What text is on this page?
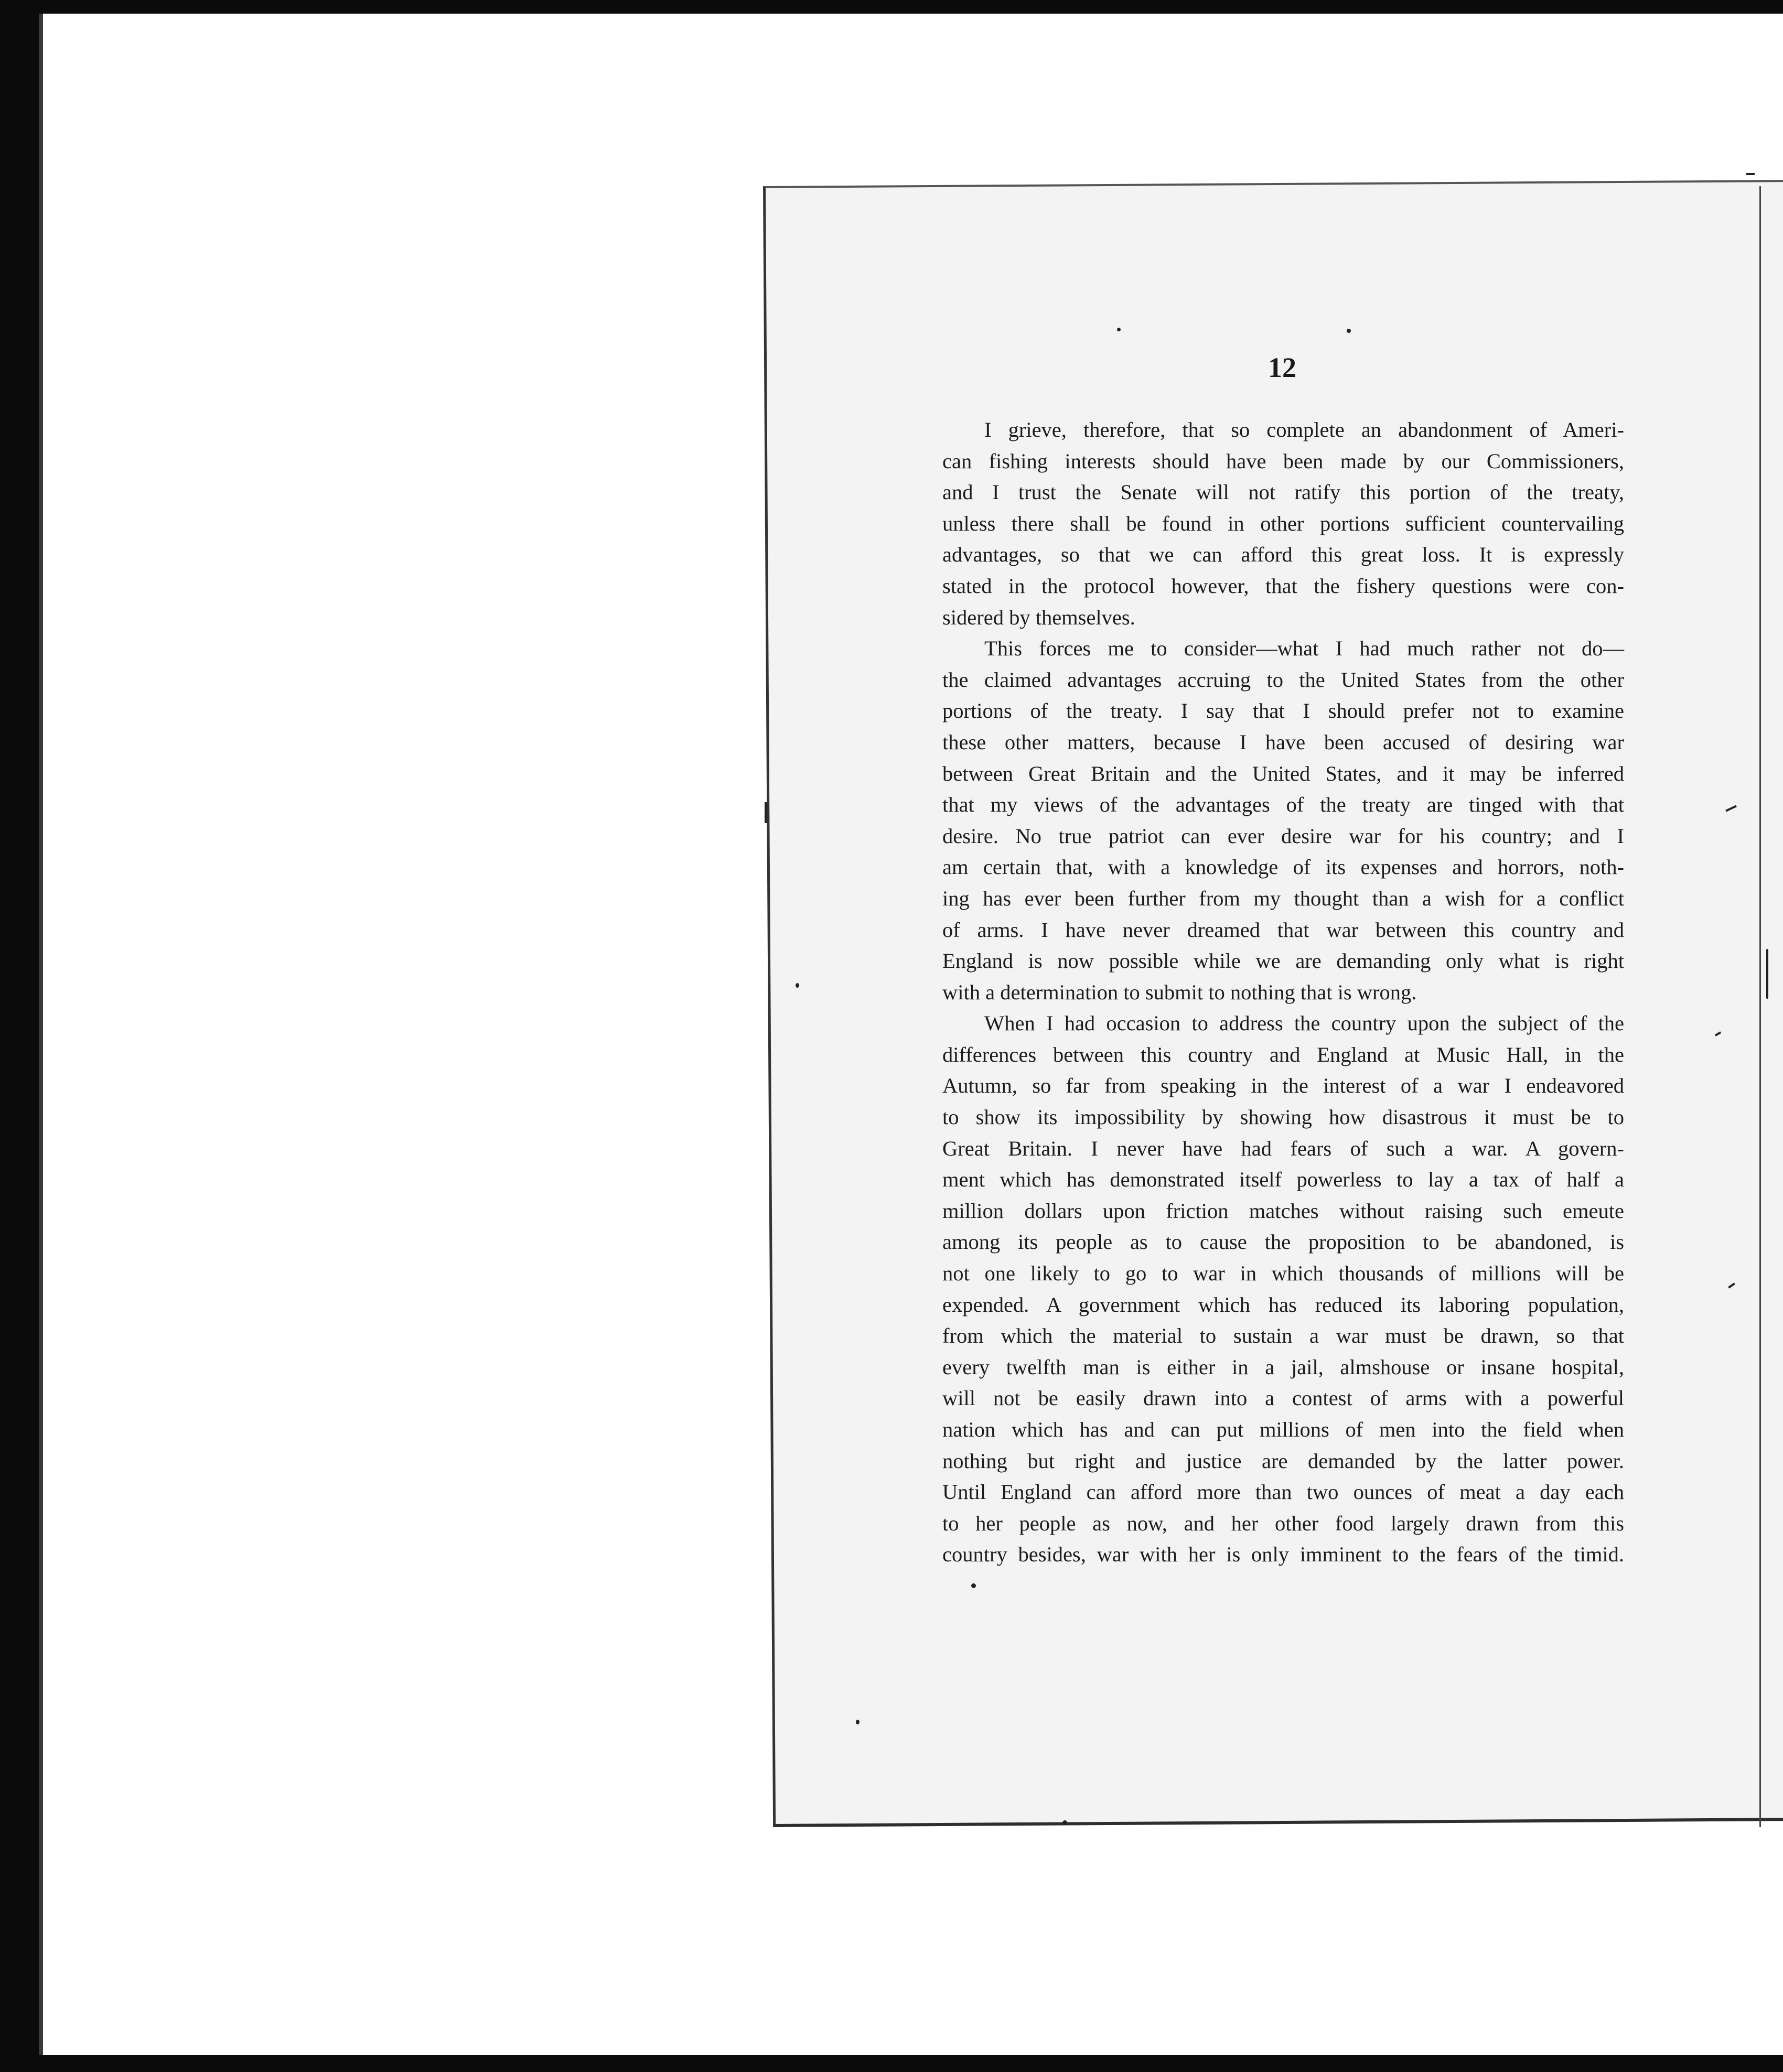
12
I grieve, therefore, that so complete an abandonment of Ameri-
can fishing interests should have been made by our Commissioners,
and I trust the Senate will not ratify this portion of the treaty,
unless there shall be found in other portions sufficient countervailing
advantages, so that we can afford this great loss. It is expressly
stated in the protocol however, that the fishery questions were con-
sidered by themselves.
This forces me to consider—what I had much rather not do—
the claimed advantages accruing to the United States from the other
portions of the treaty. I say that I should prefer not to examine
these other matters, because I have been accused of desiring war
between Great Britain and the United States, and it may be inferred
that my views of the advantages of the treaty are tinged with that
desire. No true patriot can ever desire war for his country; and I
am certain that, with a knowledge of its expenses and horrors, noth-
ing has ever been further from my thought than a wish for a conflict
of arms. I have never dreamed that war between this country and
England is now possible while we are demanding only what is right
with a determination to submit to nothing that is wrong.
When I had occasion to address the country upon the subject of the
differences between this country and England at Music Hall, in the
Autumn, so far from speaking in the interest of a war I endeavored
to show its impossibility by showing how disastrous it must be to
Great Britain. I never have had fears of such a war. A govern-
ment which has demonstrated itself powerless to lay a tax of half a
million dollars upon friction matches without raising such emeute
among its people as to cause the proposition to be abandoned, is
not one likely to go to war in which thousands of millions will be
expended. A government which has reduced its laboring population,
from which the material to sustain a war must be drawn, so that
every twelfth man is either in a jail, almshouse or insane hospital,
will not be easily drawn into a contest of arms with a powerful
nation which has and can put millions of men into the field when
nothing but right and justice are demanded by the latter power.
Until England can afford more than two ounces of meat a day each
to her people as now, and her other food largely drawn from this
country besides, war with her is only imminent to the fears of the timid.
